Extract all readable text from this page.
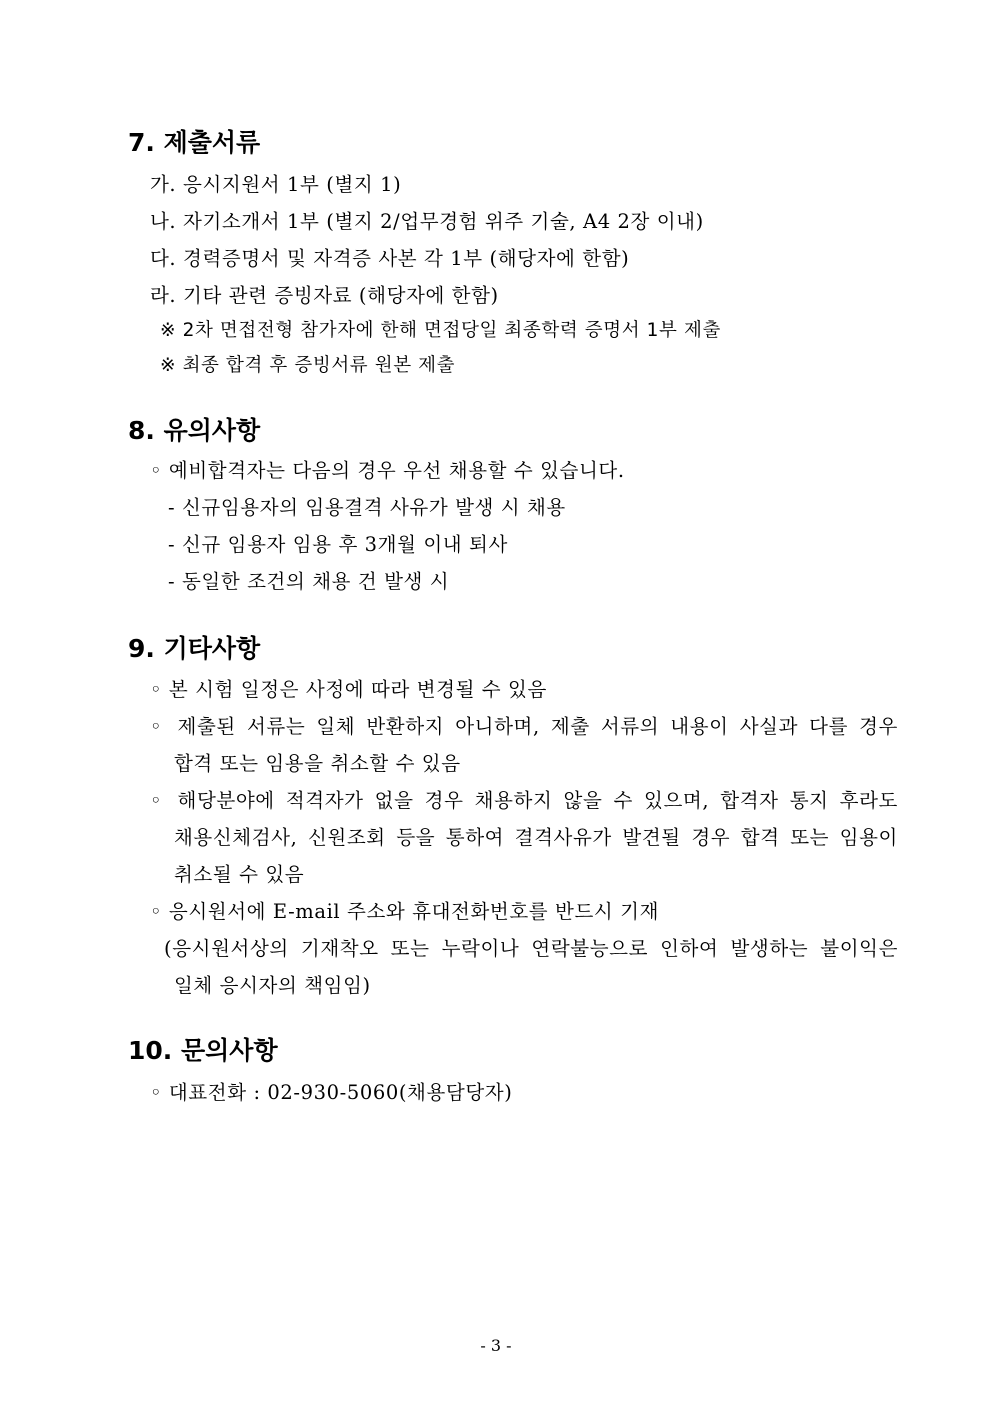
7. 제출서류
가. 응시지원서 1부 (별지 1)
나. 자기소개서 1부 (별지 2/업무경험 위주 기술, A4 2장 이내)
다. 경력증명서 및 자격증 사본 각 1부 (해당자에 한함)
라. 기타 관련 증빙자료 (해당자에 한함)
※ 2차 면접전형 참가자에 한해 면접당일 최종학력 증명서 1부 제출
※ 최종 합격 후 증빙서류 원본 제출
8. 유의사항
◦ 예비합격자는 다음의 경우 우선 채용할 수 있습니다.
- 신규임용자의 임용결격 사유가 발생 시 채용
- 신규 임용자 임용 후 3개월 이내 퇴사
- 동일한 조건의 채용 건 발생 시
9. 기타사항
◦ 본 시험 일정은 사정에 따라 변경될 수 있음
◦ 제출된 서류는 일체 반환하지 아니하며, 제출 서류의 내용이 사실과 다를 경우
합격 또는 임용을 취소할 수 있음
◦ 해당분야에 적격자가 없을 경우 채용하지 않을 수 있으며, 합격자 통지 후라도
채용신체검사, 신원조회 등을 통하여 결격사유가 발견될 경우 합격 또는 임용이
취소될 수 있음
◦ 응시원서에 E-mail 주소와 휴대전화번호를 반드시 기재
(응시원서상의 기재착오 또는 누락이나 연락불능으로 인하여 발생하는 불이익은
일체 응시자의 책임임)
10. 문의사항
◦ 대표전화 : 02-930-5060(채용담당자)
- 3 -
